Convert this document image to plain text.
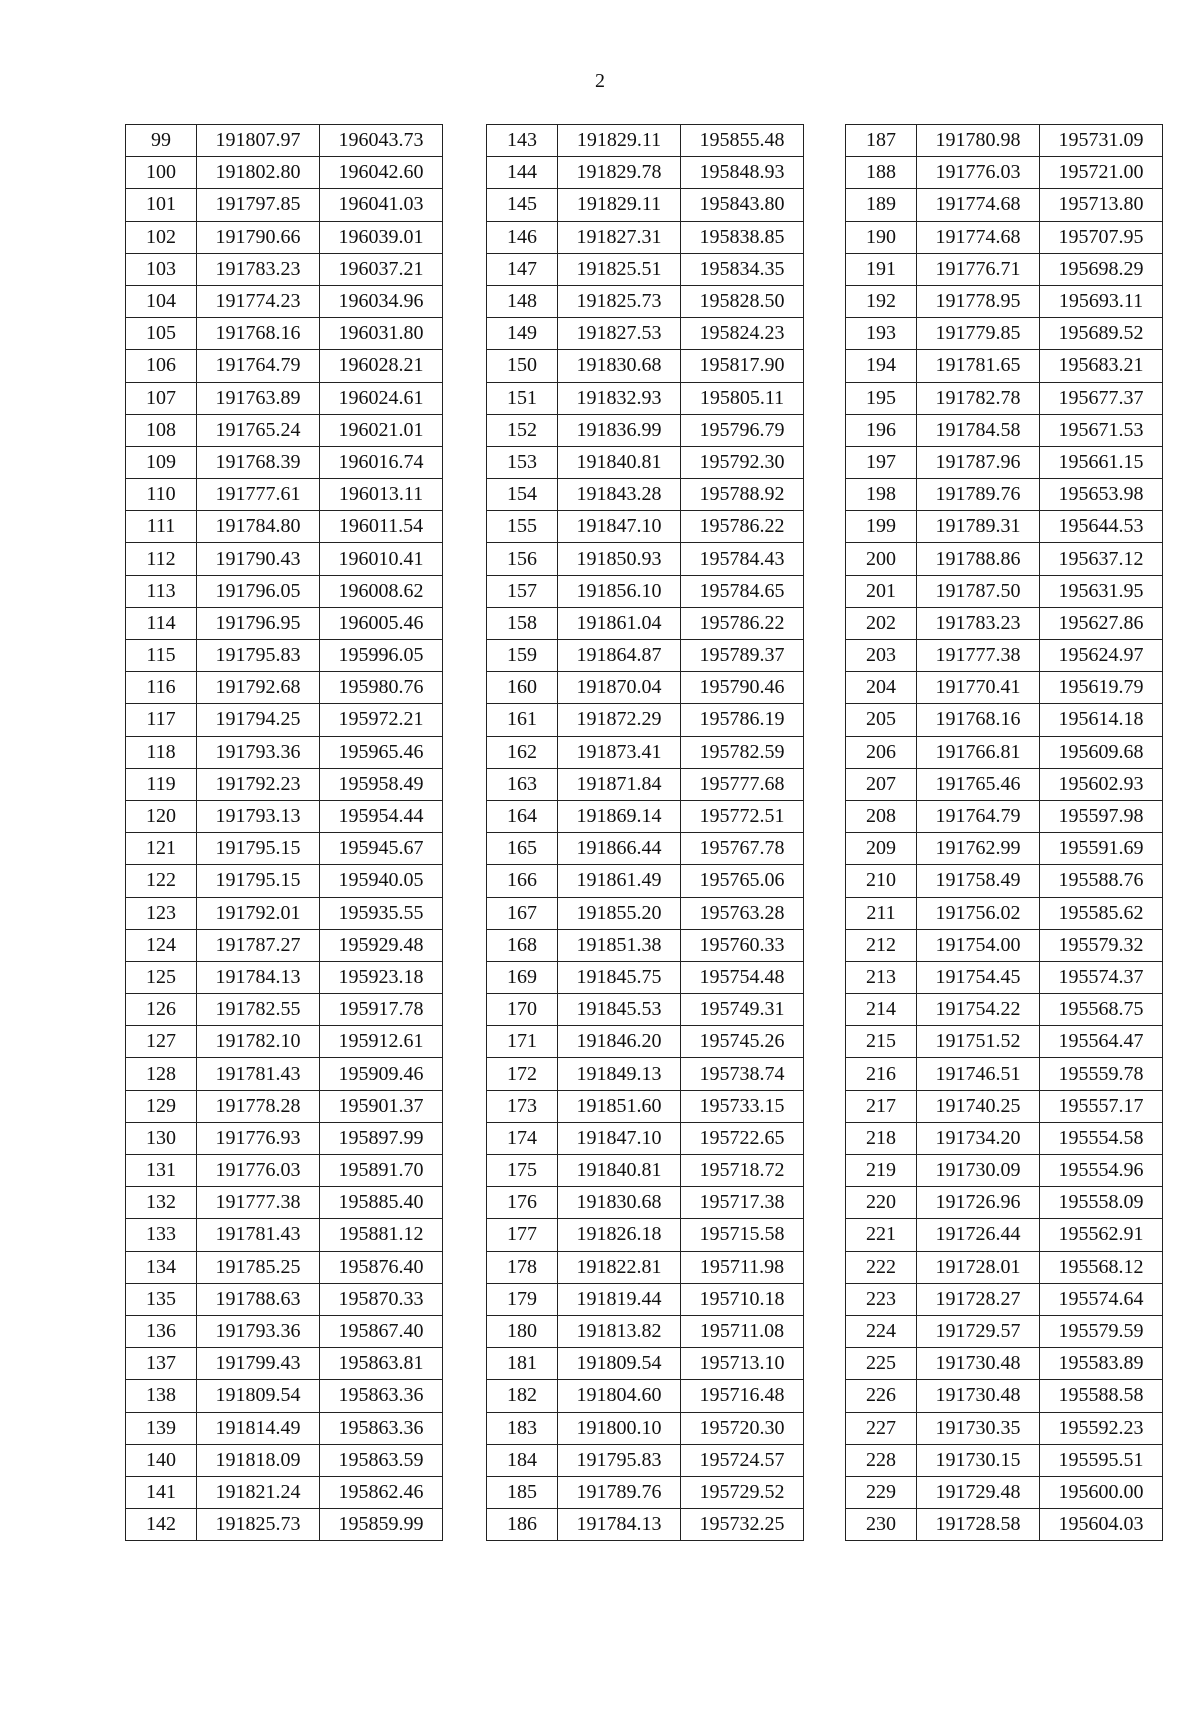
2
99	191807.97	196043.73
100	191802.80	196042.60
101	191797.85	196041.03
102	191790.66	196039.01
103	191783.23	196037.21
104	191774.23	196034.96
105	191768.16	196031.80
106	191764.79	196028.21
107	191763.89	196024.61
108	191765.24	196021.01
109	191768.39	196016.74
110	191777.61	196013.11
111	191784.80	196011.54
112	191790.43	196010.41
113	191796.05	196008.62
114	191796.95	196005.46
115	191795.83	195996.05
116	191792.68	195980.76
117	191794.25	195972.21
118	191793.36	195965.46
119	191792.23	195958.49
120	191793.13	195954.44
121	191795.15	195945.67
122	191795.15	195940.05
123	191792.01	195935.55
124	191787.27	195929.48
125	191784.13	195923.18
126	191782.55	195917.78
127	191782.10	195912.61
128	191781.43	195909.46
129	191778.28	195901.37
130	191776.93	195897.99
131	191776.03	195891.70
132	191777.38	195885.40
133	191781.43	195881.12
134	191785.25	195876.40
135	191788.63	195870.33
136	191793.36	195867.40
137	191799.43	195863.81
138	191809.54	195863.36
139	191814.49	195863.36
140	191818.09	195863.59
141	191821.24	195862.46
142	191825.73	195859.99
143	191829.11	195855.48
144	191829.78	195848.93
145	191829.11	195843.80
146	191827.31	195838.85
147	191825.51	195834.35
148	191825.73	195828.50
149	191827.53	195824.23
150	191830.68	195817.90
151	191832.93	195805.11
152	191836.99	195796.79
153	191840.81	195792.30
154	191843.28	195788.92
155	191847.10	195786.22
156	191850.93	195784.43
157	191856.10	195784.65
158	191861.04	195786.22
159	191864.87	195789.37
160	191870.04	195790.46
161	191872.29	195786.19
162	191873.41	195782.59
163	191871.84	195777.68
164	191869.14	195772.51
165	191866.44	195767.78
166	191861.49	195765.06
167	191855.20	195763.28
168	191851.38	195760.33
169	191845.75	195754.48
170	191845.53	195749.31
171	191846.20	195745.26
172	191849.13	195738.74
173	191851.60	195733.15
174	191847.10	195722.65
175	191840.81	195718.72
176	191830.68	195717.38
177	191826.18	195715.58
178	191822.81	195711.98
179	191819.44	195710.18
180	191813.82	195711.08
181	191809.54	195713.10
182	191804.60	195716.48
183	191800.10	195720.30
184	191795.83	195724.57
185	191789.76	195729.52
186	191784.13	195732.25
187	191780.98	195731.09
188	191776.03	195721.00
189	191774.68	195713.80
190	191774.68	195707.95
191	191776.71	195698.29
192	191778.95	195693.11
193	191779.85	195689.52
194	191781.65	195683.21
195	191782.78	195677.37
196	191784.58	195671.53
197	191787.96	195661.15
198	191789.76	195653.98
199	191789.31	195644.53
200	191788.86	195637.12
201	191787.50	195631.95
202	191783.23	195627.86
203	191777.38	195624.97
204	191770.41	195619.79
205	191768.16	195614.18
206	191766.81	195609.68
207	191765.46	195602.93
208	191764.79	195597.98
209	191762.99	195591.69
210	191758.49	195588.76
211	191756.02	195585.62
212	191754.00	195579.32
213	191754.45	195574.37
214	191754.22	195568.75
215	191751.52	195564.47
216	191746.51	195559.78
217	191740.25	195557.17
218	191734.20	195554.58
219	191730.09	195554.96
220	191726.96	195558.09
221	191726.44	195562.91
222	191728.01	195568.12
223	191728.27	195574.64
224	191729.57	195579.59
225	191730.48	195583.89
226	191730.48	195588.58
227	191730.35	195592.23
228	191730.15	195595.51
229	191729.48	195600.00
230	191728.58	195604.03
